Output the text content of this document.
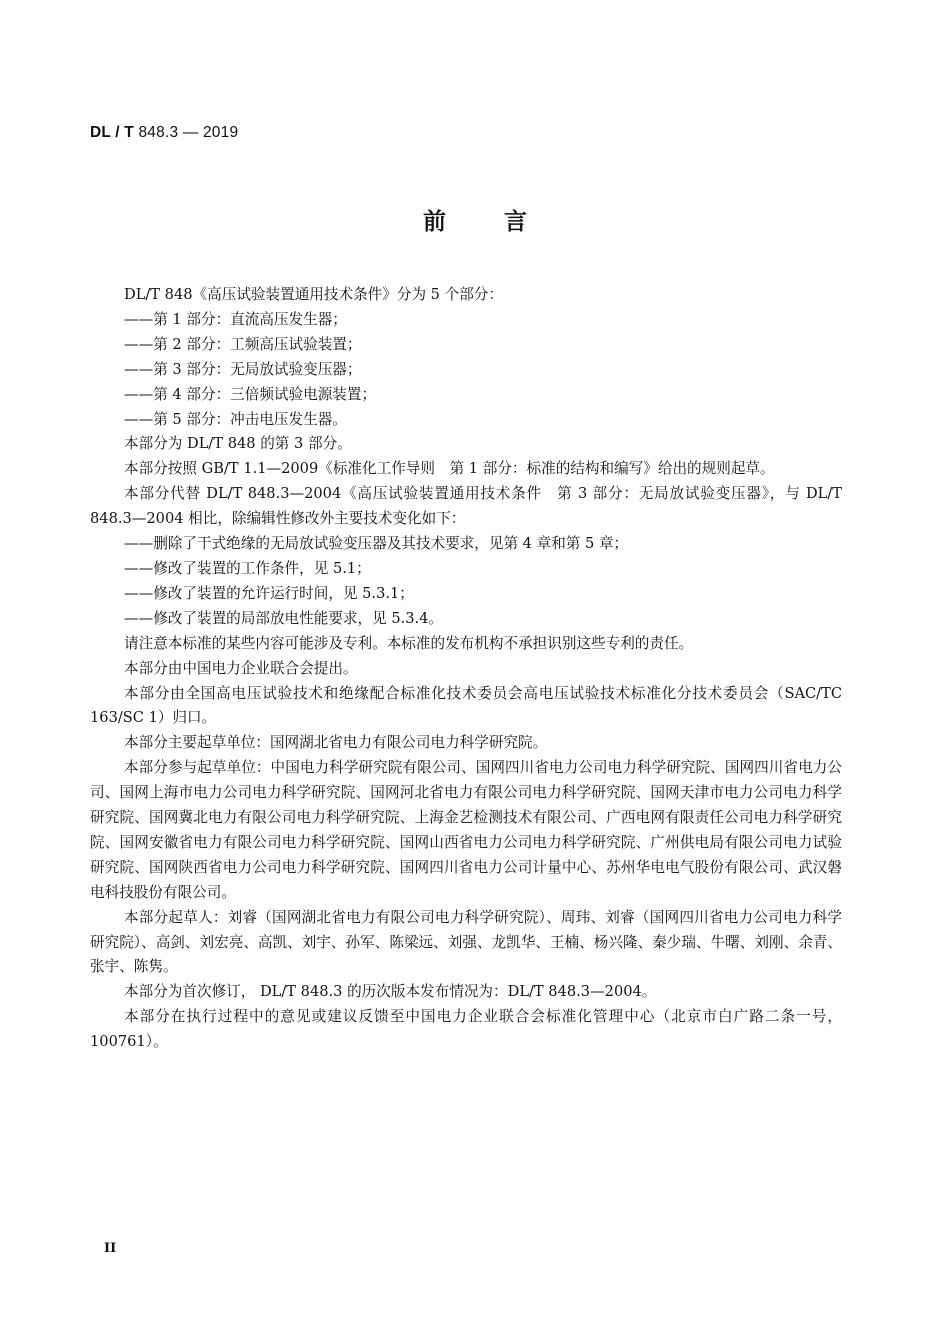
DL / T 848.3 — 2019
前言

DL/T 848《高压试验装置通用技术条件》分为 5 个部分：

——第 1 部分：直流高压发生器；

——第 2 部分：工频高压试验装置；

——第 3 部分：无局放试验变压器；

——第 4 部分：三倍频试验电源装置；

——第 5 部分：冲击电压发生器。

本部分为 DL/T 848 的第 3 部分。

本部分按照 GB/T 1.1—2009《标准化工作导则　第 1 部分：标准的结构和编写》给出的规则起草。

本部分代替 DL/T 848.3—2004《高压试验装置通用技术条件　第 3 部分：无局放试验变压器》，与 DL/T 848.3—2004 相比，除编辑性修改外主要技术变化如下：

——删除了干式绝缘的无局放试验变压器及其技术要求，见第 4 章和第 5 章；

——修改了装置的工作条件，见 5.1；

——修改了装置的允许运行时间，见 5.3.1；

——修改了装置的局部放电性能要求，见 5.3.4。

请注意本标准的某些内容可能涉及专利。本标准的发布机构不承担识别这些专利的责任。

本部分由中国电力企业联合会提出。

本部分由全国高电压试验技术和绝缘配合标准化技术委员会高电压试验技术标准化分技术委员会（SAC/TC 163/SC 1）归口。

本部分主要起草单位：国网湖北省电力有限公司电力科学研究院。

本部分参与起草单位：中国电力科学研究院有限公司、国网四川省电力公司电力科学研究院、国网四川省电力公司、国网上海市电力公司电力科学研究院、国网河北省电力有限公司电力科学研究院、国网天津市电力公司电力科学研究院、国网冀北电力有限公司电力科学研究院、上海金艺检测技术有限公司、广西电网有限责任公司电力科学研究院、国网安徽省电力有限公司电力科学研究院、国网山西省电力公司电力科学研究院、广州供电局有限公司电力试验研究院、国网陕西省电力公司电力科学研究院、国网四川省电力公司计量中心、苏州华电电气股份有限公司、武汉磐电科技股份有限公司。

本部分起草人：刘睿（国网湖北省电力有限公司电力科学研究院）、周玮、刘睿（国网四川省电力公司电力科学研究院）、高剑、刘宏亮、高凯、刘宇、孙军、陈梁远、刘强、龙凯华、王楠、杨兴隆、秦少瑞、牛曙、刘刚、余青、张宇、陈隽。

本部分为首次修订， DL/T 848.3 的历次版本发布情况为：DL/T 848.3—2004。

本部分在执行过程中的意见或建议反馈至中国电力企业联合会标准化管理中心（北京市白广路二条一号，100761）。

II
